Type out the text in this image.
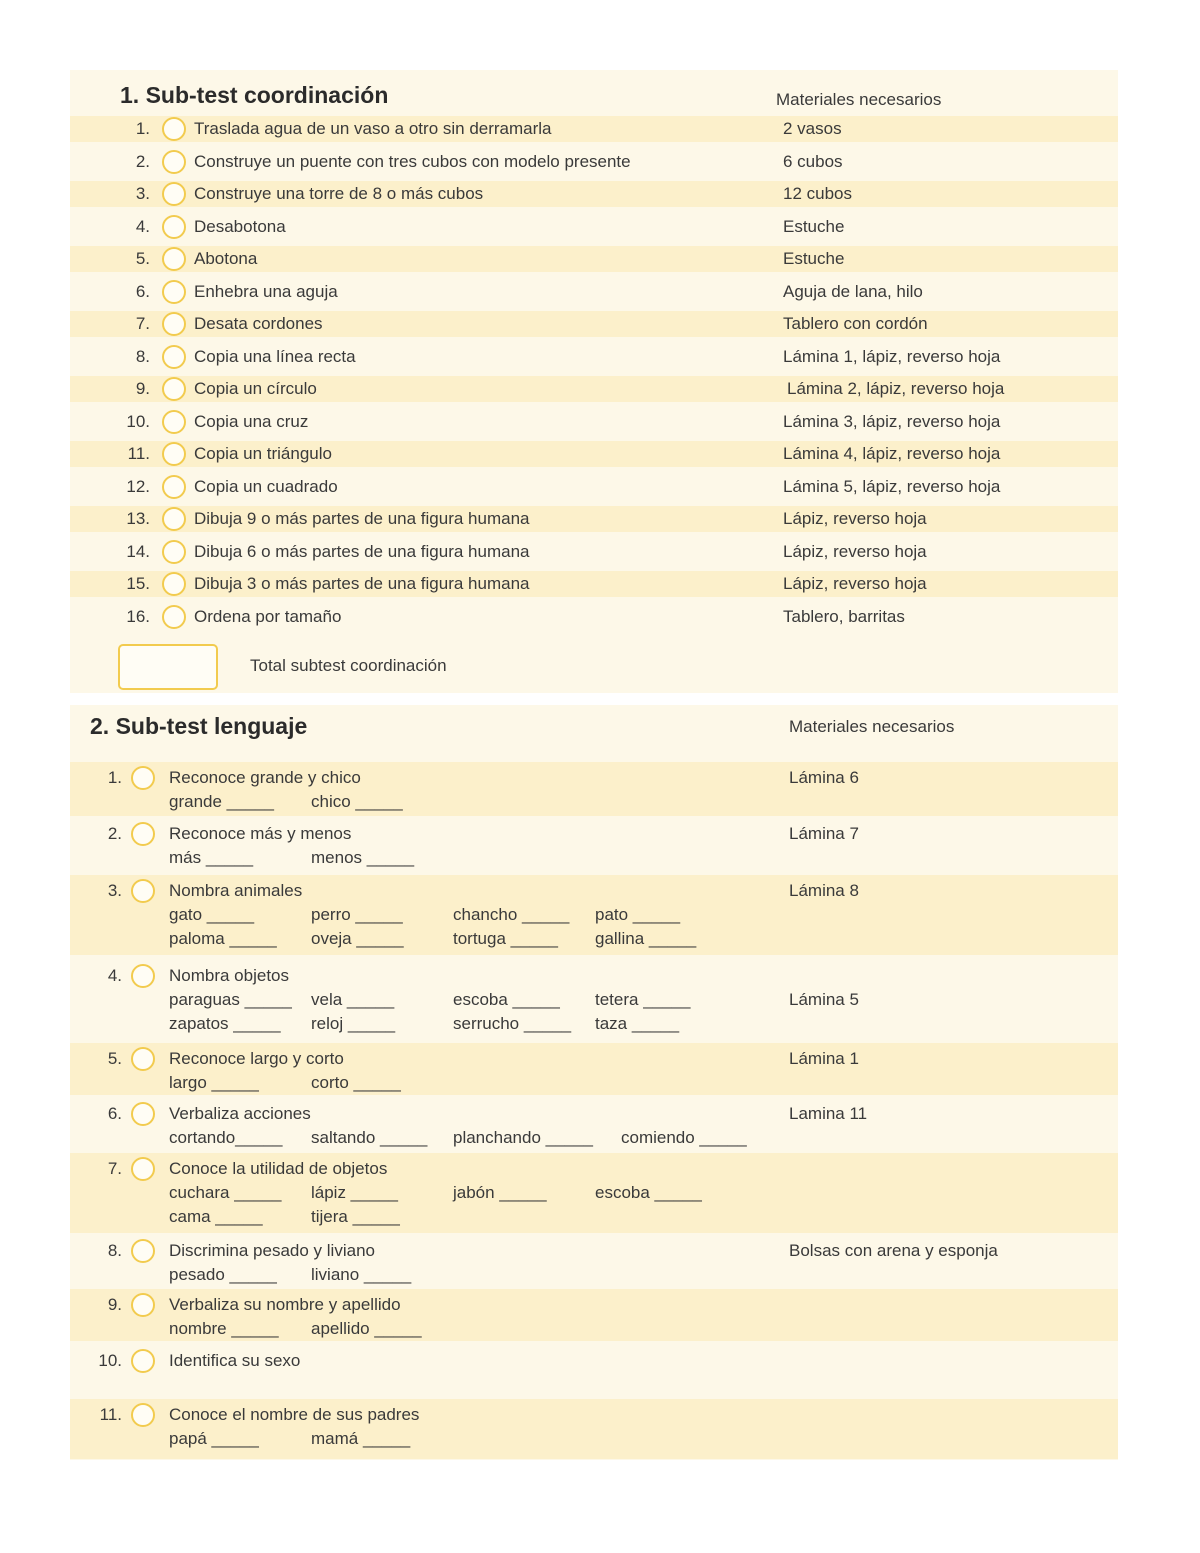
1. Sub-test coordinación	Materiales necesarios
1.	Traslada agua de un vaso a otro sin derramarla	2 vasos
2.	Construye un puente con tres cubos con modelo presente	6 cubos
3.	Construye una torre de 8 o más cubos	12 cubos
4.	Desabotona	Estuche
5.	Abotona	Estuche
6.	Enhebra una aguja	Aguja de lana, hilo
7.	Desata cordones	Tablero con cordón
8.	Copia una línea recta	Lámina 1, lápiz, reverso hoja
9.	Copia un círculo	Lámina 2, lápiz, reverso hoja
10.	Copia una cruz	Lámina 3, lápiz, reverso hoja
11.	Copia un triángulo	Lámina 4, lápiz, reverso hoja
12.	Copia un cuadrado	Lámina 5, lápiz, reverso hoja
13.	Dibuja 9 o más partes de una figura humana	Lápiz, reverso hoja
14.	Dibuja 6 o más partes de una figura humana	Lápiz, reverso hoja
15.	Dibuja 3 o más partes de una figura humana	Lápiz, reverso hoja
16.	Ordena por tamaño	Tablero, barritas
Total subtest coordinación
2. Sub-test lenguaje	Materiales necesarios
1.	Reconoce grande y chico	Lámina 6
grande _____ chico _____
2.	Reconoce más y menos	Lámina 7
más _____	menos _____
3.	Nombra animales	Lámina 8
gato _____	perro _____	chancho _____ pato _____
paloma _____ oveja _____	tortuga _____ gallina _____
4.	Nombra objetos
Lámina 5
paraguas _____ vela _____	escoba _____ tetera _____
zapatos _____ reloj _____	serrucho _____ taza _____
5.	Reconoce largo y corto	Lámina 1
largo _____	corto _____
6.	Verbaliza acciones	Lamina 11
cortando_____ saltando _____ planchando _____ comiendo _____
7.	Conoce la utilidad de objetos
cuchara _____ lápiz _____	jabón _____	escoba _____
cama _____	tijera _____
8.	Discrimina pesado y liviano	Bolsas con arena y esponja
pesado _____ liviano _____
9.	Verbaliza su nombre y apellido
nombre _____ apellido _____
10.	Identifica su sexo
11.	Conoce el nombre de sus padres
papá _____	mamá _____
